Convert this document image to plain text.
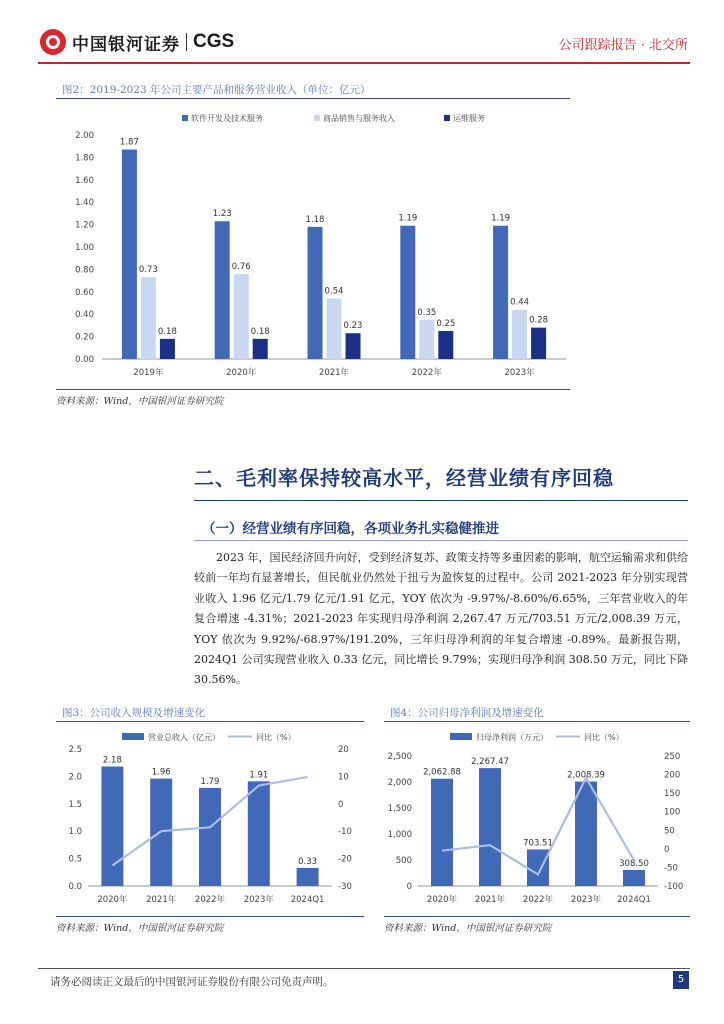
中国银河证券 CGS	公司跟踪报告 · 北交所
图2：2019-2023 年公司主要产品和服务营业收入（单位：亿元）
0.00
0.20
0.40
0.60
0.80
1.00
1.20
1.40
1.60
1.80
2.00
软件开发及技术服务	商品销售与服务收入	运维服务
2019年
1.87
0.73
0.18
2020年
1.23
0.76
0.18
2021年
1.18
0.54
0.23
2022年
1.19
0.35
0.25
2023年
1.19
0.44
0.28
资料来源：Wind，中国银河证券研究院
二、毛利率保持较高水平，经营业绩有序回稳
（一）经营业绩有序回稳，各项业务扎实稳健推进
2023 年，国民经济回升向好，受到经济复苏、政策支持等多重因素的影响，航空运输需求和供给较前一年均有显著增长，但民航业仍然处于扭亏为盈恢复的过程中。公司 2021-2023 年分别实现营业收入 1.96 亿元/1.79 亿元/1.91 亿元，YOY 依次为 -9.97%/-8.60%/6.65%，三年营业收入的年复合增速 -4.31%；2021-2023 年实现归母净利润 2,267.47 万元/703.51 万元/2,008.39 万元，YOY 依次为 9.92%/-68.97%/191.20%，三年归母净利润的年复合增速 -0.89%。最新报告期，2024Q1 公司实现营业收入 0.33 亿元，同比增长 9.79%；实现归母净利润 308.50 万元，同比下降 30.56%。
图3：公司收入规模及增速变化
0.0
0.5
1.0
1.5
2.0
2.5
-30
-20
-10
0
10
20
营业总收入（亿元）	同比（%）
2.18
2020年
1.96
2021年
1.79
2022年
1.91
2023年
0.33
2024Q1
资料来源：Wind，中国银河证券研究院
图4：公司归母净利润及增速变化
0
500
1,000
1,500
2,000
2,500
-100
-50
0
50
100
150
200
250
归母净利润（万元）	同比（%）
2,062.88
2020年
2,267.47
2021年
703.51
2022年
2,008.39
2023年
308.50
2024Q1
资料来源：Wind，中国银河证券研究院
请务必阅读正文最后的中国银河证券股份有限公司免责声明。	5
